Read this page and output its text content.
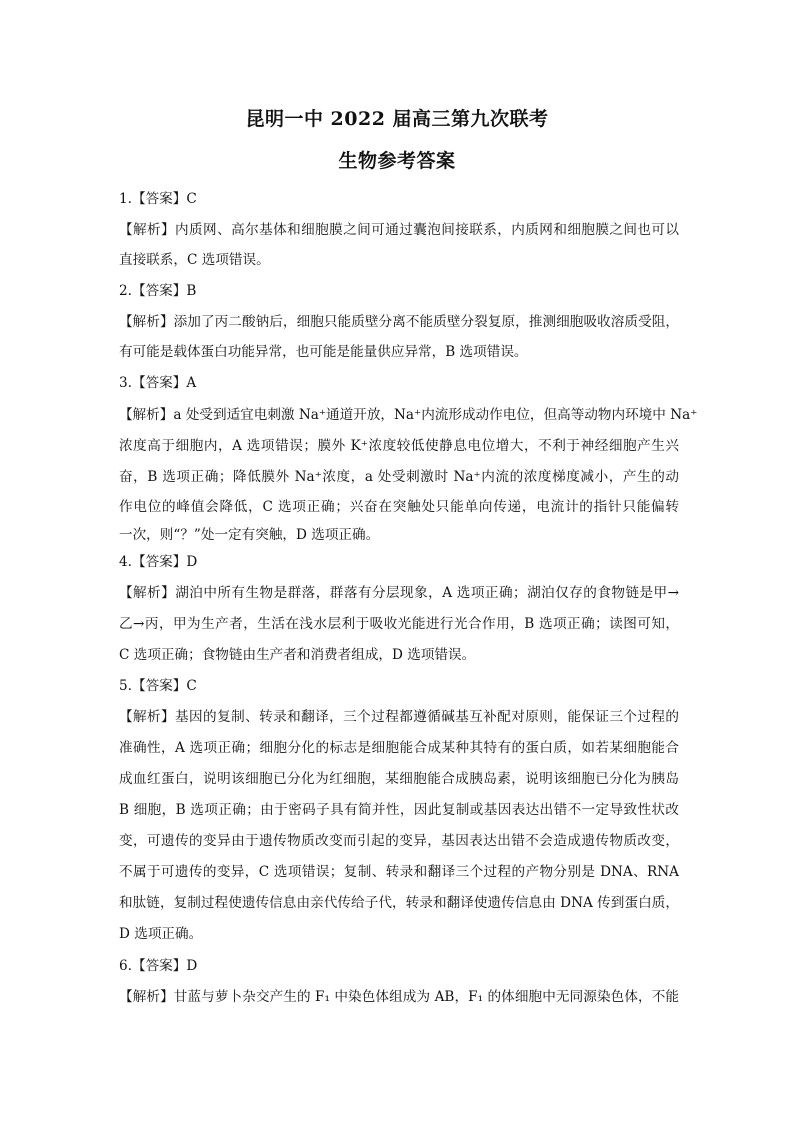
昆明一中 2022 届高三第九次联考
生物参考答案
1.【答案】C
【解析】内质网、高尔基体和细胞膜之间可通过囊泡间接联系，内质网和细胞膜之间也可以
直接联系，C 选项错误。
2.【答案】B
【解析】添加了丙二酸钠后，细胞只能质壁分离不能质壁分裂复原，推测细胞吸收溶质受阻，
有可能是载体蛋白功能异常，也可能是能量供应异常，B 选项错误。
3.【答案】A
【解析】a 处受到适宜电刺激 Na⁺通道开放，Na⁺内流形成动作电位，但高等动物内环境中 Na⁺
浓度高于细胞内，A 选项错误；膜外 K⁺浓度较低使静息电位增大，不利于神经细胞产生兴
奋，B 选项正确；降低膜外 Na⁺浓度，a 处受刺激时 Na⁺内流的浓度梯度减小，产生的动
作电位的峰值会降低，C 选项正确；兴奋在突触处只能单向传递，电流计的指针只能偏转
一次，则“？”处一定有突触，D 选项正确。
4.【答案】D
【解析】湖泊中所有生物是群落，群落有分层现象，A 选项正确；湖泊仅存的食物链是甲→
乙→丙，甲为生产者，生活在浅水层利于吸收光能进行光合作用，B 选项正确；读图可知，
C 选项正确；食物链由生产者和消费者组成，D 选项错误。
5.【答案】C
【解析】基因的复制、转录和翻译，三个过程都遵循碱基互补配对原则，能保证三个过程的
准确性，A 选项正确；细胞分化的标志是细胞能合成某种其特有的蛋白质，如若某细胞能合
成血红蛋白，说明该细胞已分化为红细胞，某细胞能合成胰岛素，说明该细胞已分化为胰岛
B 细胞，B 选项正确；由于密码子具有简并性，因此复制或基因表达出错不一定导致性状改
变，可遗传的变异由于遗传物质改变而引起的变异，基因表达出错不会造成遗传物质改变，
不属于可遗传的变异，C 选项错误；复制、转录和翻译三个过程的产物分别是 DNA、RNA
和肽链，复制过程使遗传信息由亲代传给子代，转录和翻译使遗传信息由 DNA 传到蛋白质，
D 选项正确。
6.【答案】D
【解析】甘蓝与萝卜杂交产生的 F₁ 中染色体组成为 AB，F₁ 的体细胞中无同源染色体，不能
